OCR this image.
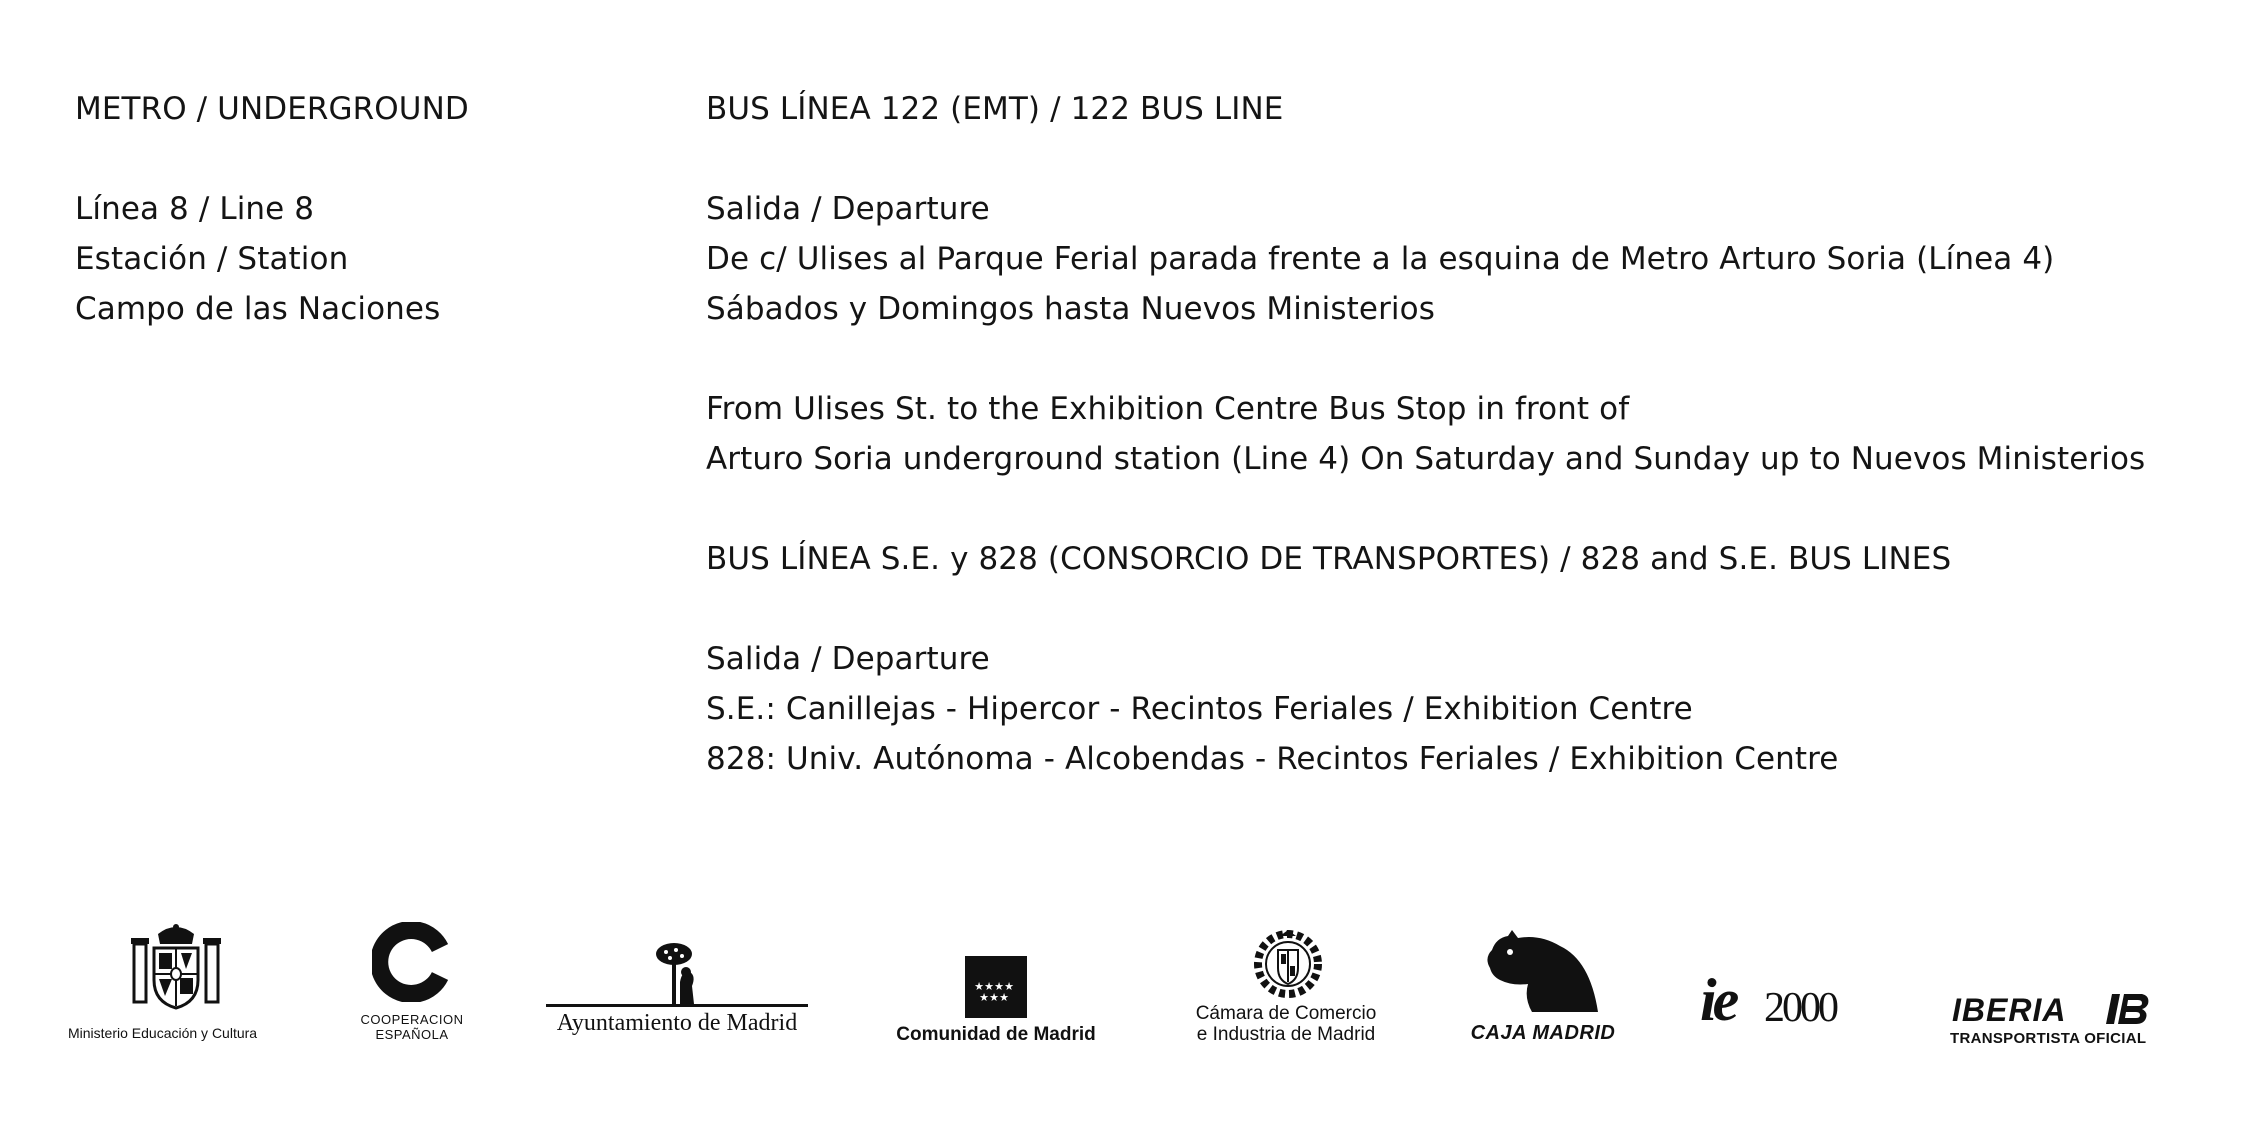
METRO / UNDERGROUND
Línea 8 / Line 8
Estación / Station
Campo de las Naciones
BUS LÍNEA 122 (EMT) / 122 BUS LINE
Salida / Departure
De c/ Ulises al Parque Ferial parada frente a la esquina de Metro Arturo Soria (Línea 4)
Sábados y Domingos hasta Nuevos Ministerios
From Ulises St. to the Exhibition Centre Bus Stop in front of
Arturo Soria underground station (Line 4) On Saturday and Sunday up to Nuevos Ministerios
BUS LÍNEA S.E. y 828 (CONSORCIO DE TRANSPORTES) / 828 and S.E. BUS LINES
Salida / Departure
S.E.: Canillejas - Hipercor - Recintos Feriales / Exhibition Centre
828: Univ. Autónoma - Alcobendas - Recintos Feriales / Exhibition Centre
Ministerio Educación y Cultura
COOPERACION
ESPAÑOLA	Ayuntamiento de Madrid
★ ★ ★ ★
★ ★ ★
Comunidad de Madrid
Cámara de Comercio
e Industria de Madrid	CAJA MADRID ie 2000	IBERIA
TRANSPORTISTA OFICIAL
